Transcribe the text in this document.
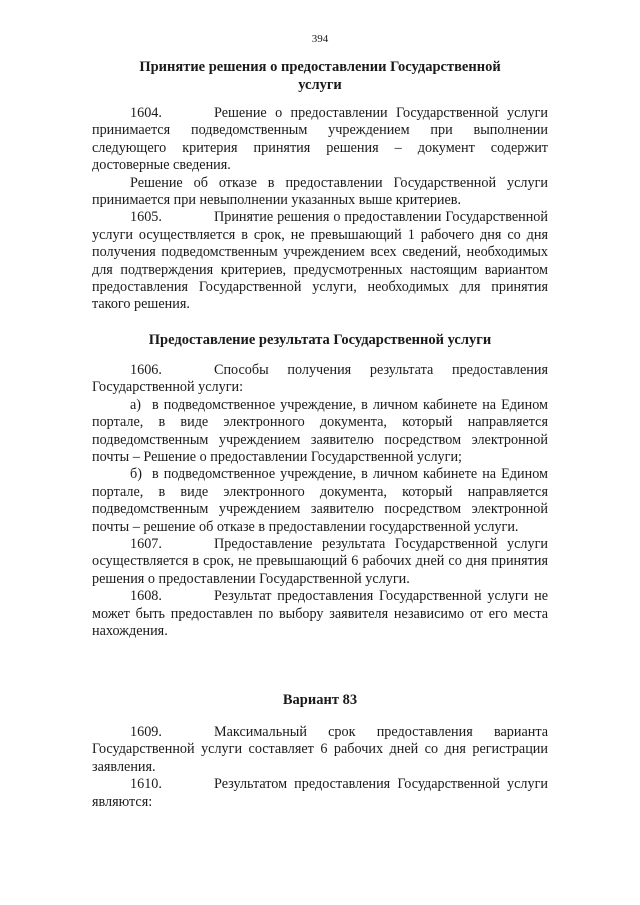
394
Принятие решения о предоставлении Государственной
услуги

1604.	Решение о предоставлении Государственной услуги принимается подведомственным учреждением при выполнении следующего критерия принятия решения – документ содержит достоверные сведения.

Решение об отказе в предоставлении Государственной услуги принимается при невыполнении указанных выше критериев.

1605.	Принятие решения о предоставлении Государственной услуги осуществляется в срок, не превышающий 1 рабочего дня со дня получения подведомственным учреждением всех сведений, необходимых для подтверждения критериев, предусмотренных настоящим вариантом предоставления Государственной услуги, необходимых для принятия такого решения.

Предоставление результата Государственной услуги

1606.	Способы получения результата предоставления Государственной услуги:

а) в подведомственное учреждение, в личном кабинете на Едином портале, в виде электронного документа, который направляется подведомственным учреждением заявителю посредством электронной почты – Решение о предоставлении Государственной услуги;

б) в подведомственное учреждение, в личном кабинете на Едином портале, в виде электронного документа, который направляется подведомственным учреждением заявителю посредством электронной почты – решение об отказе в предоставлении государственной услуги.

1607.	Предоставление результата Государственной услуги осуществляется в срок, не превышающий 6 рабочих дней со дня принятия решения о предоставлении Государственной услуги.

1608.	Результат предоставления Государственной услуги не может быть предоставлен по выбору заявителя независимо от его места нахождения.

Вариант 83

1609.	Максимальный срок предоставления варианта Государственной услуги составляет 6 рабочих дней со дня регистрации заявления.

1610.	Результатом предоставления Государственной услуги являются:
